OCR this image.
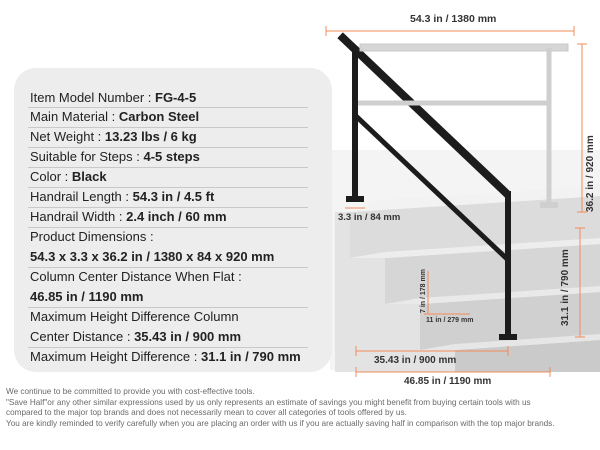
Item Model Number : FG-4-5
Main Material : Carbon Steel
Net Weight : 13.23 lbs / 6 kg
Suitable for Steps : 4-5 steps
Color : Black
Handrail Length : 54.3 in / 4.5 ft
Handrail Width : 2.4 inch / 60 mm
Product Dimensions :
54.3 x 3.3 x 36.2 in / 1380 x 84 x 920 mm
Column Center Distance When Flat :
46.85 in / 1190 mm
Maximum Height Difference Column
Center Distance : 35.43 in / 900 mm
Maximum Height Difference : 31.1 in / 790 mm
54.3 in / 1380 mm
36.2 in / 920 mm
3.3 in / 84 mm
7 in / 178 mm
11 in / 279 mm	31.1 in / 790 mm
35.43 in / 900 mm
46.85 in / 1190 mm
We continue to be committed to provide you with cost-effective tools.
"Save Half"or any other similar expressions used by us only represents an estimate of savings you might benefit from buying certain tools with us
compared to the major top brands and does not necessarily mean to cover all categories of tools offered by us.
You are kindly reminded to verify carefully when you are placing an order with us if you are actually saving half in comparison with the top major brands.
